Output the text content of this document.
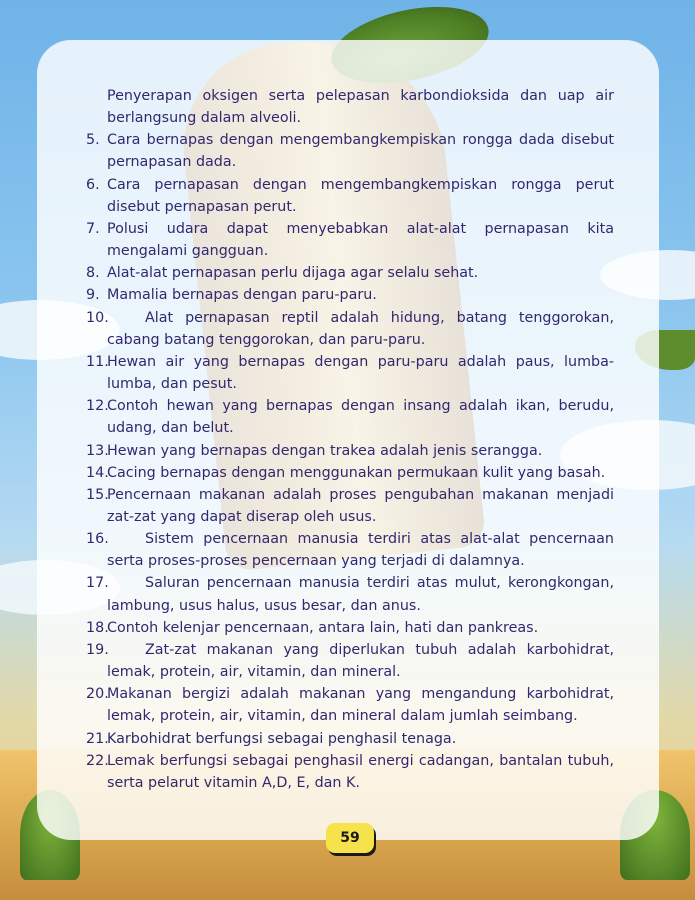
Penyerapan oksigen serta pelepasan karbondioksida dan uap air berlangsung dalam alveoli.

5. Cara bernapas dengan mengembangkempiskan rongga dada disebut pernapasan dada.

6. Cara pernapasan dengan mengembangkempiskan rongga perut disebut pernapasan perut.

7. Polusi udara dapat menyebabkan alat-alat pernapasan kita mengalami gangguan.

8. Alat-alat pernapasan perlu dijaga agar selalu sehat.

9. Mamalia bernapas dengan paru-paru.

10.	Alat pernapasan reptil adalah hidung, batang tenggorokan, cabang batang tenggorokan, dan paru-paru.

11.
Hewan air yang bernapas dengan paru-paru adalah paus, lumba-lumba, dan pesut.

12.
Contoh hewan yang bernapas dengan insang adalah ikan, berudu, udang, dan belut.

13.
Hewan yang bernapas dengan trakea adalah jenis serangga.

14.
Cacing bernapas dengan menggunakan permukaan kulit yang basah.

15.
Pencernaan makanan adalah proses pengubahan makanan menjadi zat-zat yang dapat diserap oleh usus.

16.	Sistem pencernaan manusia terdiri atas alat-alat pencernaan serta proses-proses pencernaan yang terjadi di dalamnya.

17.	Saluran pencernaan manusia terdiri atas mulut, kerongkongan, lambung, usus halus, usus besar, dan anus.

18.
Contoh kelenjar pencernaan, antara lain, hati dan pankreas.

19.	Zat-zat makanan yang diperlukan tubuh adalah karbohidrat, lemak, protein, air, vitamin, dan mineral.

20.
Makanan bergizi adalah makanan yang mengandung karbohidrat, lemak, protein, air, vitamin, dan mineral dalam jumlah seimbang.

21.
Karbohidrat berfungsi sebagai penghasil tenaga.

22.
Lemak berfungsi sebagai penghasil energi cadangan, bantalan tubuh, serta pelarut vitamin A,D, E, dan K.

59
